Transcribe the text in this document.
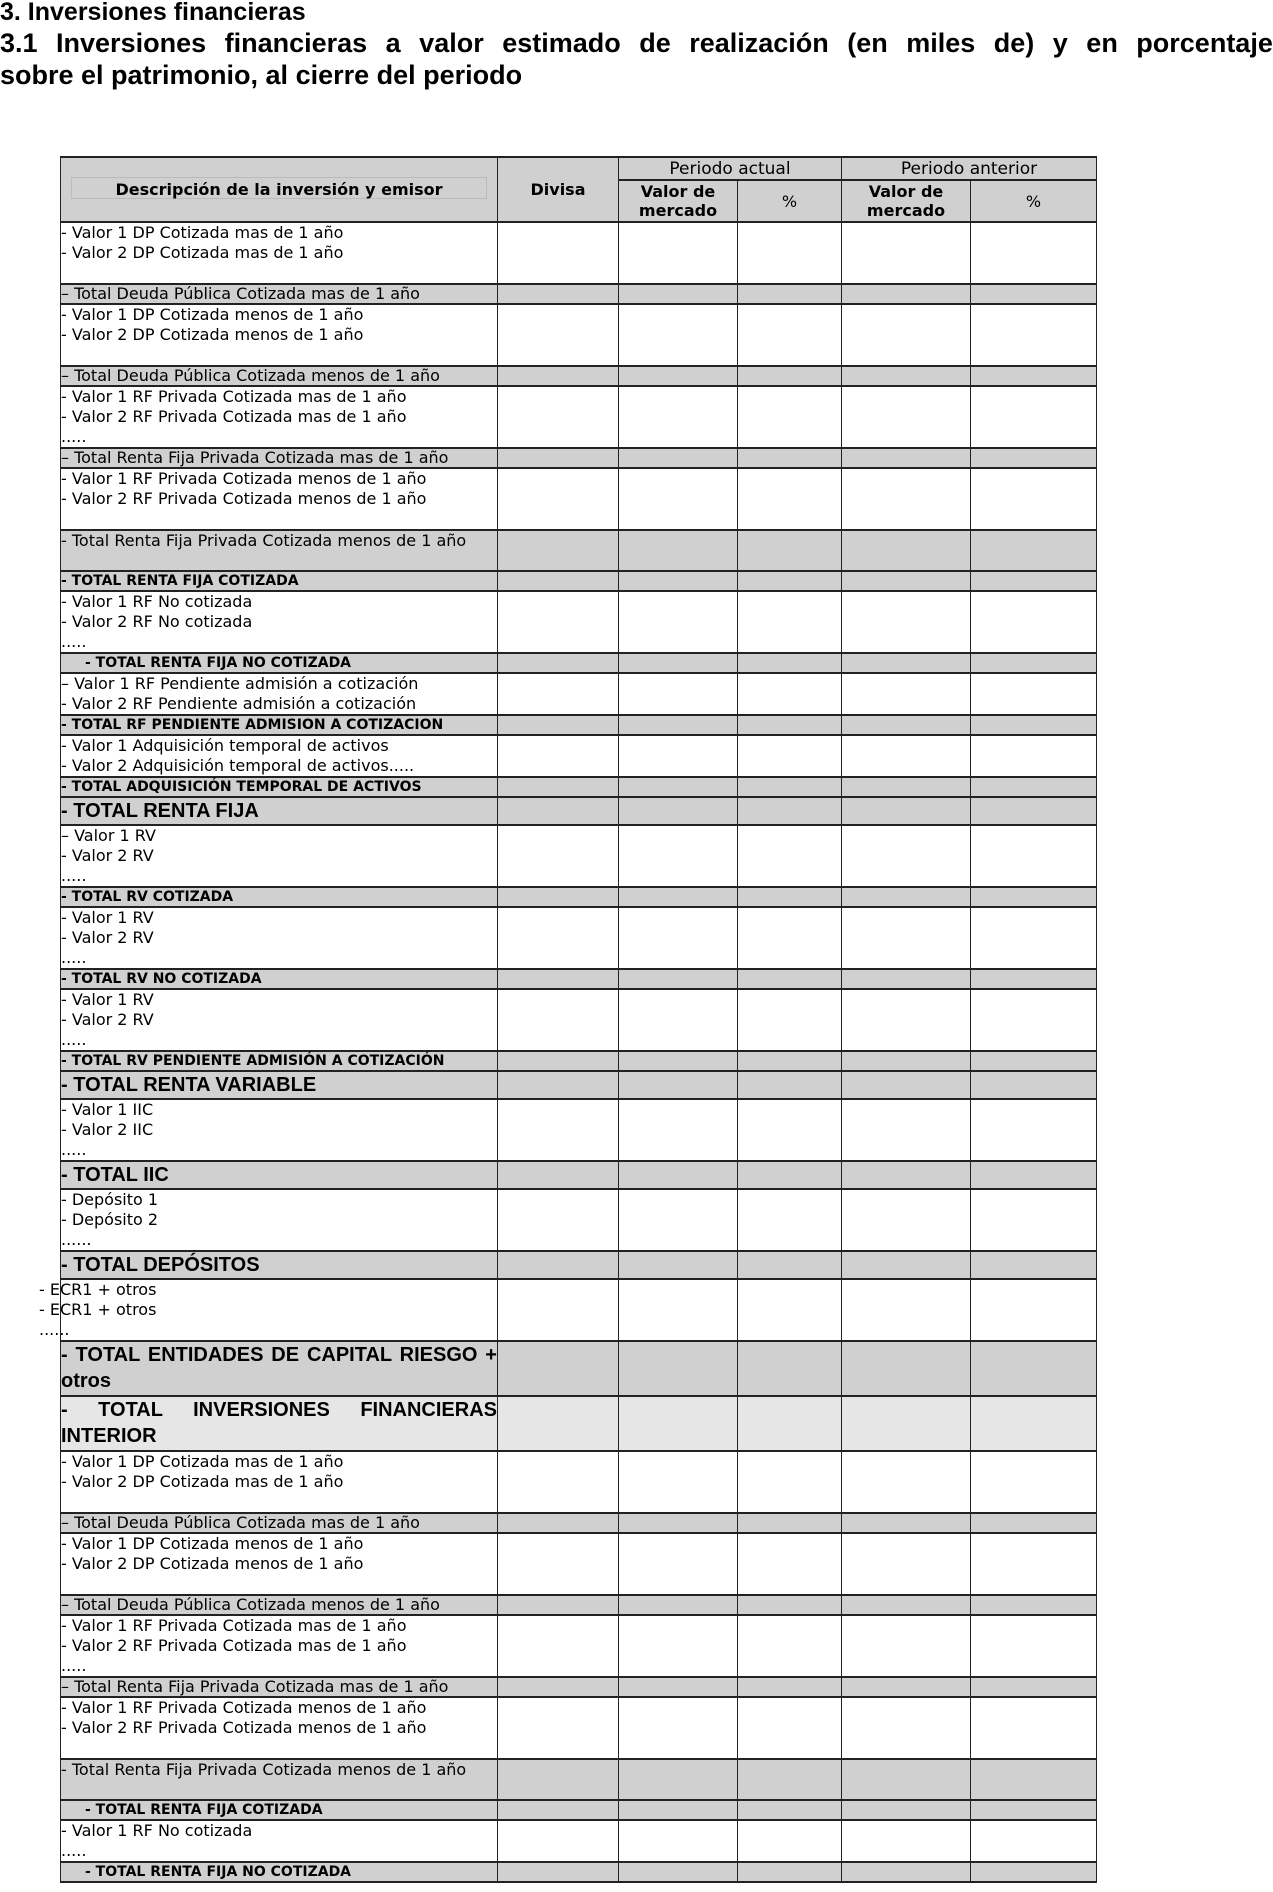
3. Inversiones financieras
3.1 Inversiones financieras a valor estimado de realización (en miles de) y en porcentaje
sobre el patrimonio, al cierre del periodo
Descripción de la inversión y emisor	Divisa	Periodo actual		Periodo anterior	
		Valor de mercado	%	Valor de mercado	%

- Valor 1 DP Cotizada mas de 1 año
- Valor 2 DP Cotizada mas de 1 año					

– Total Deuda Pública Cotizada mas de 1 año					

- Valor 1 DP Cotizada menos de 1 año
- Valor 2 DP Cotizada menos de 1 año					

– Total Deuda Pública Cotizada menos de 1 año					

- Valor 1 RF Privada Cotizada mas de 1 año
- Valor 2 RF Privada Cotizada mas de 1 año
.....					

– Total Renta Fija Privada Cotizada mas de 1 año					

- Valor 1 RF Privada Cotizada menos de 1 año
- Valor 2 RF Privada Cotizada menos de 1 año					

- Total Renta Fija Privada Cotizada menos de 1 año					
- TOTAL RENTA FIJA COTIZADA					

- Valor 1 RF No cotizada
- Valor 2 RF No cotizada
.....					

- TOTAL RENTA FIJA NO COTIZADA					

– Valor 1 RF Pendiente admisión a cotización
- Valor 2 RF Pendiente admisión a cotización					

- TOTAL RF PENDIENTE ADMISION A COTIZACION					

- Valor 1 Adquisición temporal de activos
- Valor 2 Adquisición temporal de activos.....					

- TOTAL ADQUISICIÓN TEMPORAL DE ACTIVOS					
- TOTAL RENTA FIJA					

– Valor 1 RV
- Valor 2 RV
.....					

- TOTAL RV COTIZADA					

- Valor 1 RV
- Valor 2 RV
.....					

- TOTAL RV NO COTIZADA					

- Valor 1 RV
- Valor 2 RV
.....					

- TOTAL RV PENDIENTE ADMISIÓN A COTIZACIÓN					
- TOTAL RENTA VARIABLE					

- Valor 1 IIC
- Valor 2 IIC
.....					

- TOTAL IIC					

- Depósito 1
- Depósito 2
......					

- TOTAL DEPÓSITOS					

- ECR1 + otros
- ECR1 + otros
......					

- TOTAL ENTIDADES DE CAPITAL RIESGO + otros					
- TOTAL INVERSIONES FINANCIERAS INTERIOR					

- Valor 1 DP Cotizada mas de 1 año
- Valor 2 DP Cotizada mas de 1 año					

– Total Deuda Pública Cotizada mas de 1 año					

- Valor 1 DP Cotizada menos de 1 año
- Valor 2 DP Cotizada menos de 1 año					

– Total Deuda Pública Cotizada menos de 1 año					

- Valor 1 RF Privada Cotizada mas de 1 año
- Valor 2 RF Privada Cotizada mas de 1 año
.....					

– Total Renta Fija Privada Cotizada mas de 1 año					

- Valor 1 RF Privada Cotizada menos de 1 año
- Valor 2 RF Privada Cotizada menos de 1 año					

- Total Renta Fija Privada Cotizada menos de 1 año					
- TOTAL RENTA FIJA COTIZADA					

- Valor 1 RF No cotizada
.....					

- TOTAL RENTA FIJA NO COTIZADA					
